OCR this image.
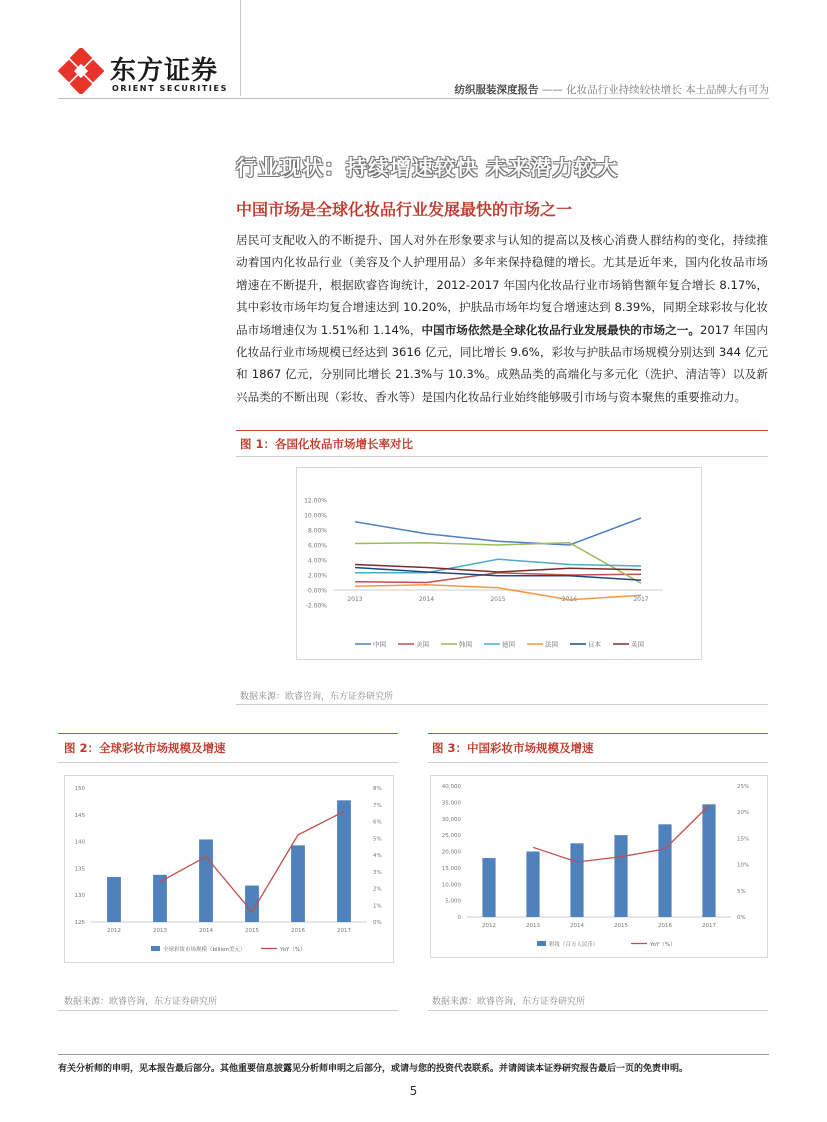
东方证券
ORIENT SECURITIES	纺织服装深度报告 —— 化妆品行业持续较快增长 本土品牌大有可为
行业现状：持续增速较快 未来潜力较大
中国市场是全球化妆品行业发展最快的市场之一
居民可支配收入的不断提升、国人对外在形象要求与认知的提高以及核心消费人群结构的变化，持续推动着国内化妆品行业（美容及个人护理用品）多年来保持稳健的增长。尤其是近年来，国内化妆品市场增速在不断提升，根据欧睿咨询统计，2012-2017 年国内化妆品行业市场销售额年复合增长 8.17%，其中彩妆市场年均复合增速达到 10.20%，护肤品市场年均复合增速达到 8.39%，同期全球彩妆与化妆品市场增速仅为 1.51%和 1.14%，中国市场依然是全球化妆品行业发展最快的市场之一。2017 年国内化妆品行业市场规模已经达到 3616 亿元，同比增长 9.6%，彩妆与护肤品市场规模分别达到 344 亿元和 1867 亿元，分别同比增长 21.3%与 10.3%。成熟品类的高端化与多元化（洗护、清洁等）以及新兴品类的不断出现（彩妆、香水等）是国内化妆品行业始终能够吸引市场与资本聚焦的重要推动力。
图 1：各国化妆品市场增长率对比
-2.00%
0.00%
2.00%
4.00%
6.00%
8.00%
10.00%
12.00%
2013	2014	2015	2016	2017
中国	美国	韩国	德国	法国	日本	英国
数据来源：欧睿咨询，东方证券研究所
图 2：全球彩妆市场规模及增速
125
130
135
140
145
150
0%
1%
2%
3%
4%
5%
6%
7%
8%
2012	2013	2014	2015	2016	2017
全球彩妆市场规模（billion美元）	YoY（%）
数据来源：欧睿咨询，东方证券研究所
图 3：中国彩妆市场规模及增速
0
5,000
10,000
15,000
20,000
25,000
30,000
35,000
40,000
0%
5%
10%
15%
20%
25%
2012	2013	2014	2015	2016	2017
彩妆（百万人民币）	YoY（%）
数据来源：欧睿咨询，东方证券研究所
有关分析师的申明，见本报告最后部分。其他重要信息披露见分析师申明之后部分，或请与您的投资代表联系。并请阅读本证券研究报告最后一页的免责申明。
5
